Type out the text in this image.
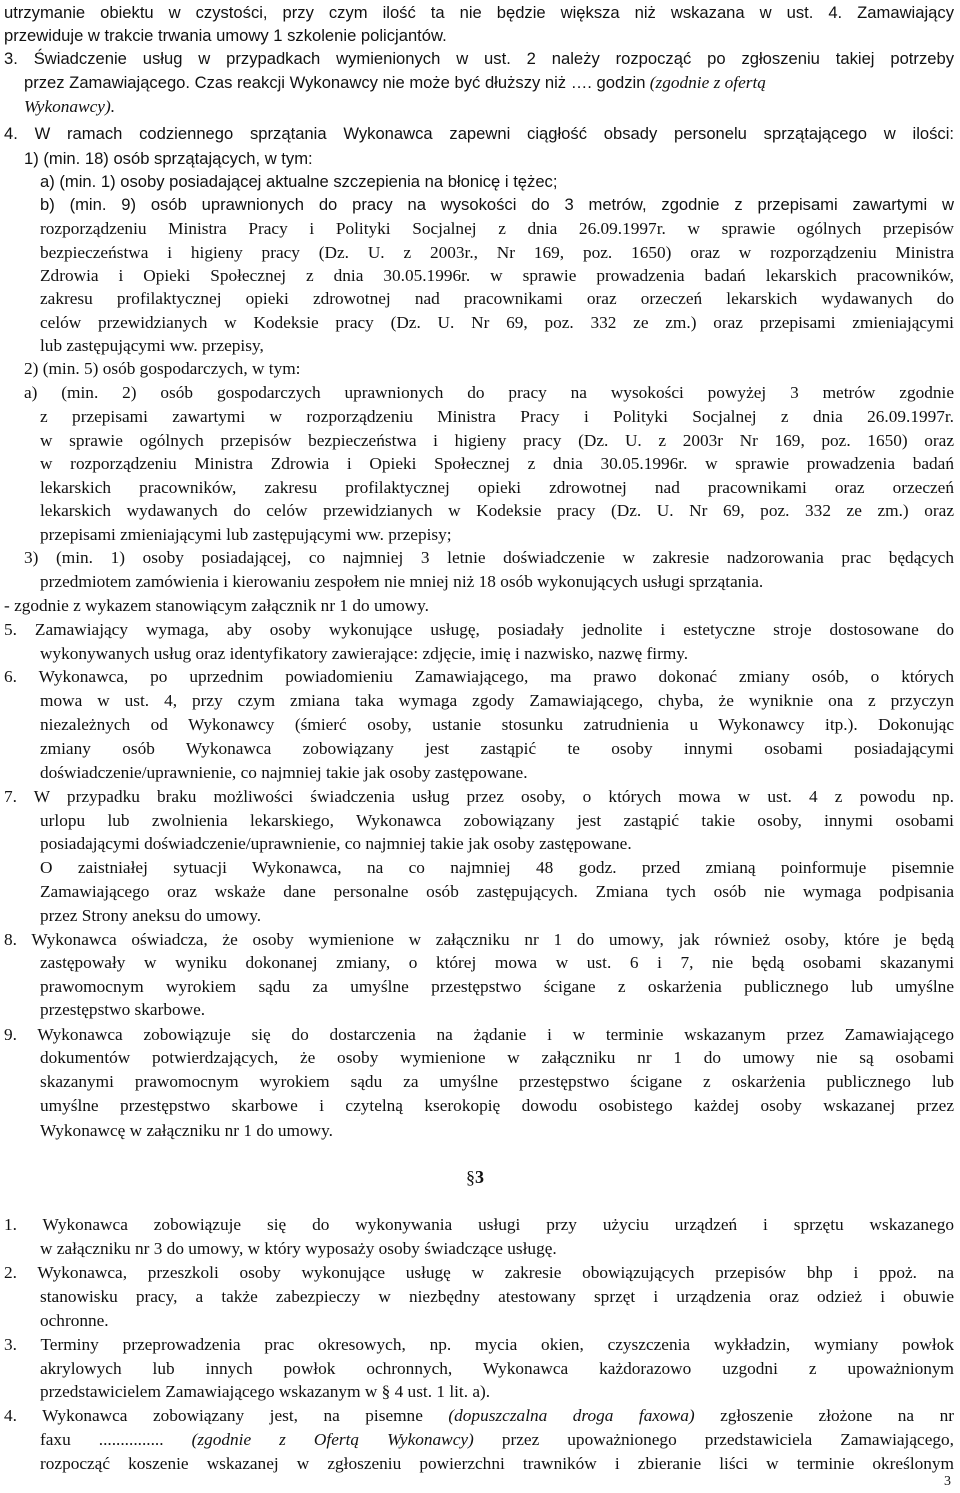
utrzymanie obiektu w czystości, przy czym ilość ta nie będzie większa niż wskazana w ust. 4. Zamawiający
przewiduje w trakcie trwania umowy 1 szkolenie policjantów.
3. Świadczenie usług w przypadkach wymienionych w ust. 2 należy rozpocząć po zgłoszeniu takiej potrzeby
przez Zamawiającego. Czas reakcji Wykonawcy nie może być dłuższy niż …. godzin (zgodnie z ofertą
Wykonawcy).
4. W ramach codziennego sprzątania Wykonawca zapewni ciągłość obsady personelu sprzątającego w ilości:
1) (min. 18) osób sprzątających, w tym:
a) (min. 1) osoby posiadającej aktualne szczepienia na błonicę i tężec;
b) (min. 9) osób uprawnionych do pracy na wysokości do 3 metrów, zgodnie z przepisami zawartymi w
rozporządzeniu Ministra Pracy i Polityki Socjalnej z dnia 26.09.1997r. w sprawie ogólnych przepisów
bezpieczeństwa i higieny pracy (Dz. U. z 2003r., Nr 169, poz. 1650) oraz w rozporządzeniu Ministra
Zdrowia i Opieki Społecznej z dnia 30.05.1996r. w sprawie prowadzenia badań lekarskich pracowników,
zakresu profilaktycznej opieki zdrowotnej nad pracownikami oraz orzeczeń lekarskich wydawanych do
celów przewidzianych w Kodeksie pracy (Dz. U. Nr 69, poz. 332 ze zm.) oraz przepisami zmieniającymi
lub zastępującymi ww. przepisy,
2) (min. 5) osób gospodarczych, w tym:
a) (min. 2) osób gospodarczych uprawnionych do pracy na wysokości powyżej 3 metrów zgodnie
z przepisami zawartymi w rozporządzeniu Ministra Pracy i Polityki Socjalnej z dnia 26.09.1997r.
w sprawie ogólnych przepisów bezpieczeństwa i higieny pracy (Dz. U. z 2003r Nr 169, poz. 1650) oraz
w rozporządzeniu Ministra Zdrowia i Opieki Społecznej z dnia 30.05.1996r. w sprawie prowadzenia badań
lekarskich pracowników, zakresu profilaktycznej opieki zdrowotnej nad pracownikami oraz orzeczeń
lekarskich wydawanych do celów przewidzianych w Kodeksie pracy (Dz. U. Nr 69, poz. 332 ze zm.) oraz
przepisami zmieniającymi lub zastępującymi ww. przepisy;
3) (min. 1) osoby posiadającej, co najmniej 3 letnie doświadczenie w zakresie nadzorowania prac będących
przedmiotem zamówienia i kierowaniu zespołem nie mniej niż 18 osób wykonujących usługi sprzątania.
- zgodnie z wykazem stanowiącym załącznik nr 1 do umowy.
5. Zamawiający wymaga, aby osoby wykonujące usługę, posiadały jednolite i estetyczne stroje dostosowane do
wykonywanych usług oraz identyfikatory zawierające: zdjęcie, imię i nazwisko, nazwę firmy.
6. Wykonawca, po uprzednim powiadomieniu Zamawiającego, ma prawo dokonać zmiany osób, o których
mowa w ust. 4, przy czym zmiana taka wymaga zgody Zamawiającego, chyba, że wyniknie ona z przyczyn
niezależnych od Wykonawcy (śmierć osoby, ustanie stosunku zatrudnienia u Wykonawcy itp.). Dokonując
zmiany osób Wykonawca zobowiązany jest zastąpić te osoby innymi osobami posiadającymi
doświadczenie/uprawnienie, co najmniej takie jak osoby zastępowane.
7. W przypadku braku możliwości świadczenia usług przez osoby, o których mowa w ust. 4 z powodu np.
urlopu lub zwolnienia lekarskiego, Wykonawca zobowiązany jest zastąpić takie osoby, innymi osobami
posiadającymi doświadczenie/uprawnienie, co najmniej takie jak osoby zastępowane.
O zaistniałej sytuacji Wykonawca, na co najmniej 48 godz. przed zmianą poinformuje pisemnie
Zamawiającego oraz wskaże dane personalne osób zastępujących. Zmiana tych osób nie wymaga podpisania
przez Strony aneksu do umowy.
8. Wykonawca oświadcza, że osoby wymienione w załączniku nr 1 do umowy, jak również osoby, które je będą
zastępowały w wyniku dokonanej zmiany, o której mowa w ust. 6 i 7, nie będą osobami skazanymi
prawomocnym wyrokiem sądu za umyślne przestępstwo ścigane z oskarżenia publicznego lub umyślne
przestępstwo skarbowe.
9. Wykonawca zobowiązuje się do dostarczenia na żądanie i w terminie wskazanym przez Zamawiającego
dokumentów potwierdzających, że osoby wymienione w załączniku nr 1 do umowy nie są osobami
skazanymi prawomocnym wyrokiem sądu za umyślne przestępstwo ścigane z oskarżenia publicznego lub
umyślne przestępstwo skarbowe i czytelną kserokopię dowodu osobistego każdej osoby wskazanej przez
Wykonawcę w załączniku nr 1 do umowy.
§3
1. Wykonawca zobowiązuje się do wykonywania usługi przy użyciu urządzeń i sprzętu wskazanego
w załączniku nr 3 do umowy, w który wyposaży osoby świadczące usługę.
2. Wykonawca, przeszkoli osoby wykonujące usługę w zakresie obowiązujących przepisów bhp i ppoż. na
stanowisku pracy, a także zabezpieczy w niezbędny atestowany sprzęt i urządzenia oraz odzież i obuwie
ochronne.
3. Terminy przeprowadzenia prac okresowych, np. mycia okien, czyszczenia wykładzin, wymiany powłok
akrylowych lub innych powłok ochronnych, Wykonawca każdorazowo uzgodni z upoważnionym
przedstawicielem Zamawiającego wskazanym w § 4 ust. 1 lit. a).
4. Wykonawca zobowiązany jest, na pisemne (dopuszczalna droga faxowa) zgłoszenie złożone na nr
faxu ............... (zgodnie z Ofertą Wykonawcy) przez upoważnionego przedstawiciela Zamawiającego,
rozpocząć koszenie wskazanej w zgłoszeniu powierzchni trawników i zbieranie liści w terminie określonym
3
